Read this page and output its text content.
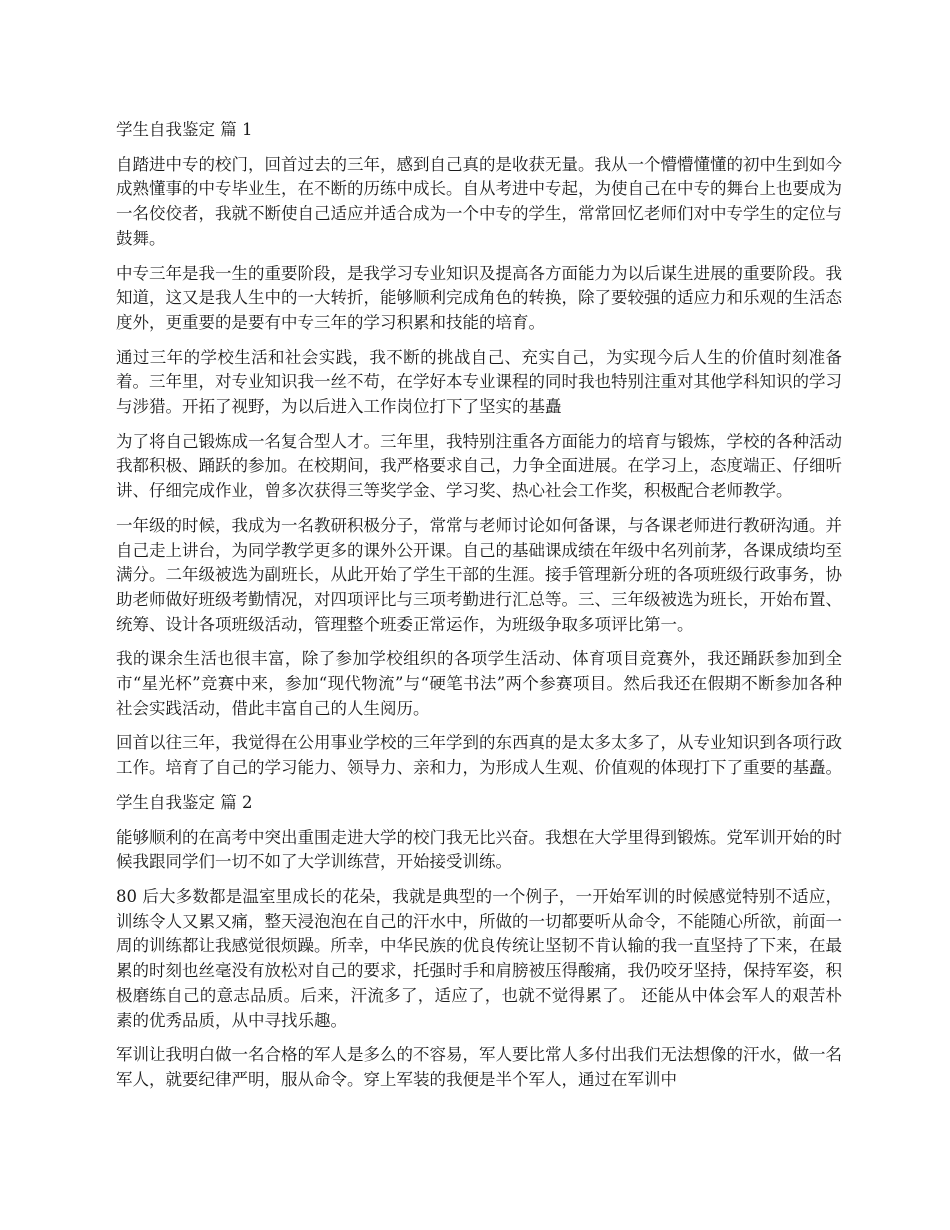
学生自我鉴定 篇 1

自踏进中专的校门，回首过去的三年，感到自己真的是收获无量。我从一个懵懵懂懂的初中生到如今成熟懂事的中专毕业生，在不断的历练中成长。自从考进中专起，为使自己在中专的舞台上也要成为一名佼佼者，我就不断使自己适应并适合成为一个中专的学生，常常回忆老师们对中专学生的定位与鼓舞。

中专三年是我一生的重要阶段，是我学习专业知识及提高各方面能力为以后谋生进展的重要阶段。我知道，这又是我人生中的一大转折，能够顺利完成角色的转换，除了要较强的适应力和乐观的生活态度外，更重要的是要有中专三年的学习积累和技能的培育。

通过三年的学校生活和社会实践，我不断的挑战自己、充实自己，为实现今后人生的价值时刻准备着。三年里，对专业知识我一丝不苟，在学好本专业课程的同时我也特别注重对其他学科知识的学习与涉猎。开拓了视野，为以后进入工作岗位打下了坚实的基矗

为了将自己锻炼成一名复合型人才。三年里，我特别注重各方面能力的培育与锻炼，学校的各种活动我都积极、踊跃的参加。在校期间，我严格要求自己，力争全面进展。在学习上，态度端正、仔细听讲、仔细完成作业，曾多次获得三等奖学金、学习奖、热心社会工作奖，积极配合老师教学。

一年级的时候，我成为一名教研积极分子，常常与老师讨论如何备课，与各课老师进行教研沟通。并自己走上讲台，为同学教学更多的课外公开课。自己的基础课成绩在年级中名列前茅，各课成绩均至满分。二年级被选为副班长，从此开始了学生干部的生涯。接手管理新分班的各项班级行政事务，协助老师做好班级考勤情况，对四项评比与三项考勤进行汇总等。三、三年级被选为班长，开始布置、统筹、设计各项班级活动，管理整个班委正常运作，为班级争取多项评比第一。

我的课余生活也很丰富，除了参加学校组织的各项学生活动、体育项目竞赛外，我还踊跃参加到全市“星光杯”竞赛中来，参加“现代物流”与“硬笔书法”两个参赛项目。然后我还在假期不断参加各种社会实践活动，借此丰富自己的人生阅历。

回首以往三年，我觉得在公用事业学校的三年学到的东西真的是太多太多了，从专业知识到各项行政工作。培育了自己的学习能力、领导力、亲和力，为形成人生观、价值观的体现打下了重要的基矗。

学生自我鉴定 篇 2

能够顺利的在高考中突出重围走进大学的校门我无比兴奋。我想在大学里得到锻炼。党军训开始的时候我跟同学们一切不如了大学训练营，开始接受训练。

80 后大多数都是温室里成长的花朵，我就是典型的一个例子，一开始军训的时候感觉特别不适应，训练令人又累又痛，整天浸泡泡在自己的汗水中，所做的一切都要听从命令，不能随心所欲，前面一周的训练都让我感觉很烦躁。所幸，中华民族的优良传统让坚韧不肯认输的我一直坚持了下来，在最累的时刻也丝毫没有放松对自己的要求，托强时手和肩膀被压得酸痛，我仍咬牙坚持，保持军姿，积极磨练自己的意志品质。后来，汗流多了，适应了，也就不觉得累了。 还能从中体会军人的艰苦朴素的优秀品质，从中寻找乐趣。

军训让我明白做一名合格的军人是多么的不容易，军人要比常人多付出我们无法想像的汗水，做一名军人，就要纪律严明，服从命令。穿上军装的我便是半个军人，通过在军训中
